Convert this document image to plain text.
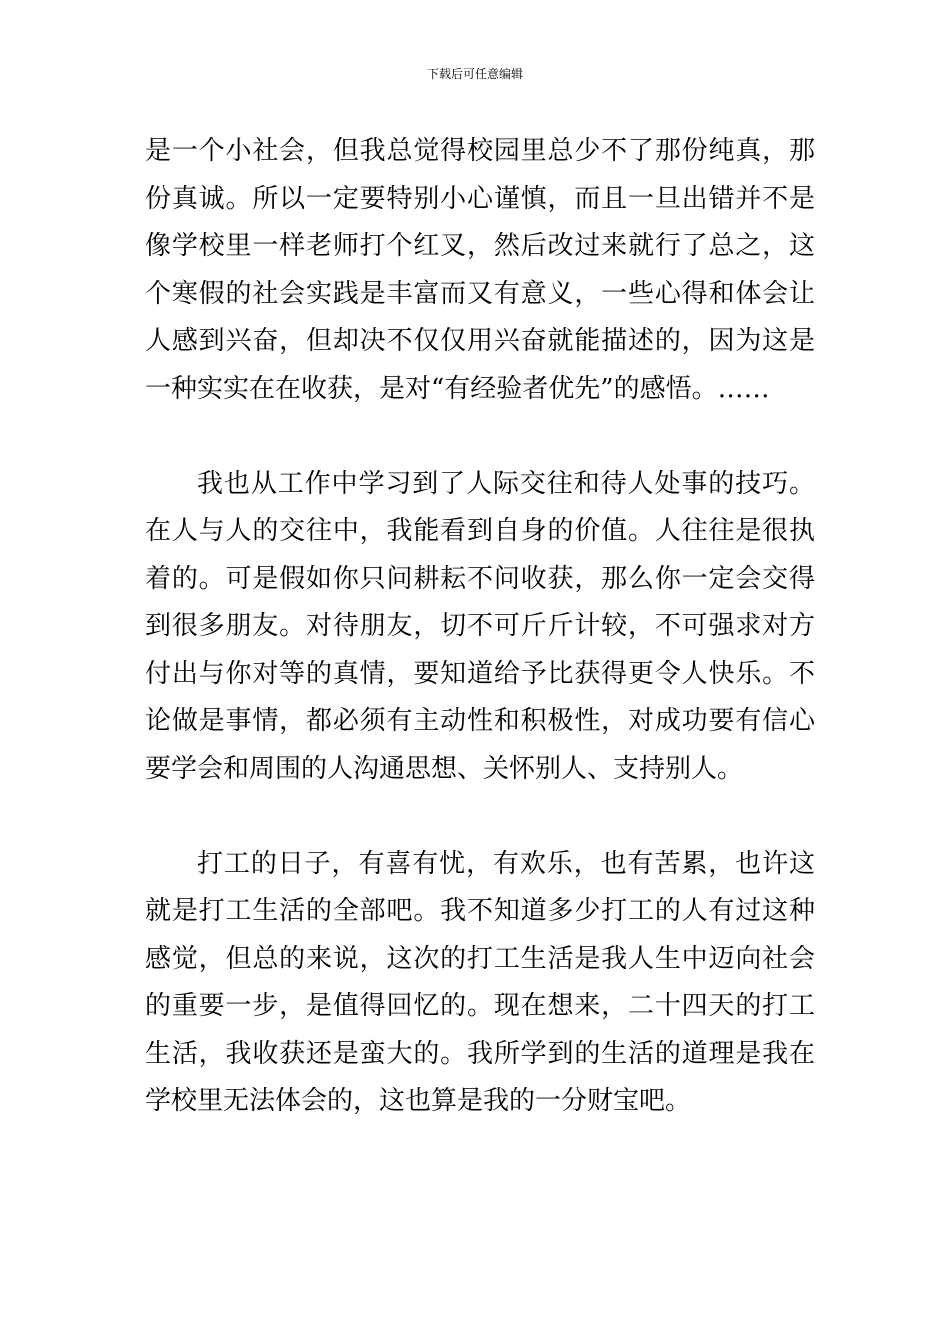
下载后可任意编辑

是一个小社会，但我总觉得校园里总少不了那份纯真，那份真诚。所以一定要特别小心谨慎，而且一旦出错并不是像学校里一样老师打个红叉，然后改过来就行了总之，这个寒假的社会实践是丰富而又有意义，一些心得和体会让人感到兴奋，但却决不仅仅用兴奋就能描述的，因为这是一种实实在在收获，是对“有经验者优先”的感悟。……

我也从工作中学习到了人际交往和待人处事的技巧。在人与人的交往中，我能看到自身的价值。人往往是很执着的。可是假如你只问耕耘不问收获，那么你一定会交得到很多朋友。对待朋友，切不可斤斤计较，不可强求对方付出与你对等的真情，要知道给予比获得更令人快乐。不论做是事情，都必须有主动性和积极性，对成功要有信心要学会和周围的人沟通思想、关怀别人、支持别人。

打工的日子，有喜有忧，有欢乐，也有苦累，也许这就是打工生活的全部吧。我不知道多少打工的人有过这种感觉，但总的来说，这次的打工生活是我人生中迈向社会的重要一步，是值得回忆的。现在想来，二十四天的打工生活，我收获还是蛮大的。我所学到的生活的道理是我在学校里无法体会的，这也算是我的一分财宝吧。
